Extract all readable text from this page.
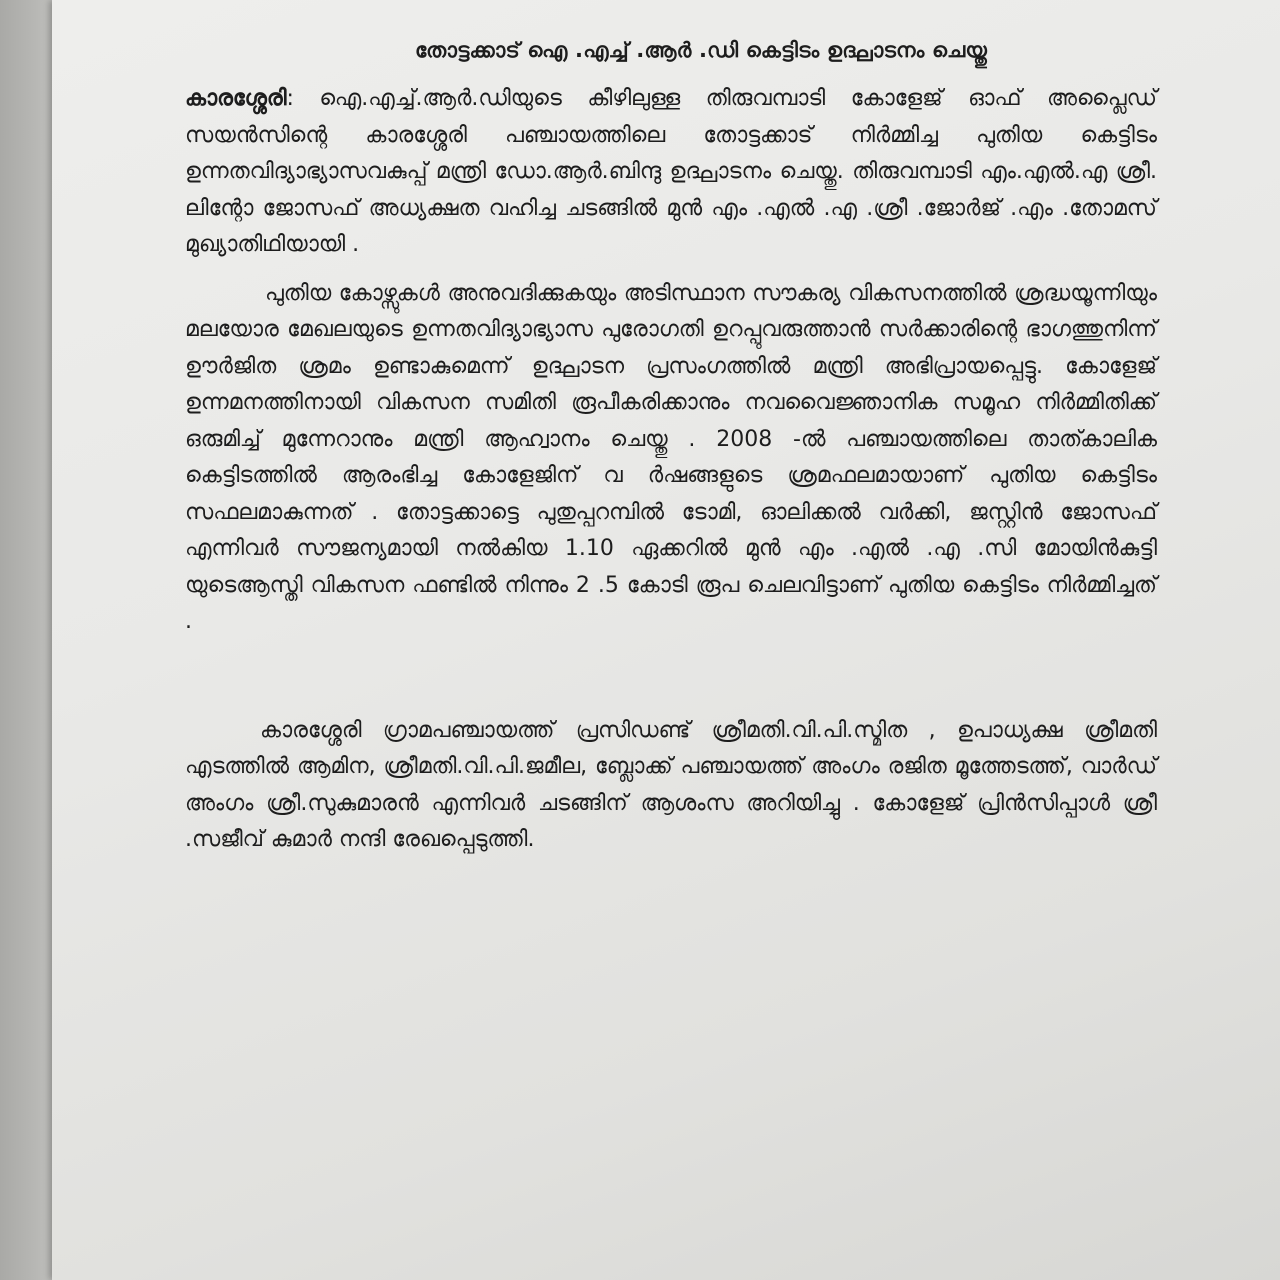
തോട്ടക്കാട് ഐ .എച്ച് .ആർ .ഡി കെട്ടിടം ഉദ്ഘാടനം ചെയ്തു

കാരശ്ശേരി: ഐ.എച്ച്.ആർ.ഡിയുടെ കീഴിലുള്ള തിരുവമ്പാടി കോളേജ് ഓഫ് അപ്ലൈഡ് സയൻസിന്റെ കാരശ്ശേരി പഞ്ചായത്തിലെ തോട്ടക്കാട് നിർമ്മിച്ച പുതിയ കെട്ടിടം ഉന്നതവിദ്യാഭ്യാസവകുപ്പ് മന്ത്രി ഡോ.ആർ.ബിന്ദു ഉദ്ഘാടനം ചെയ്തു. തിരുവമ്പാടി എം.എൽ.എ ശ്രീ. ലിന്റോ ജോസഫ് അധ്യക്ഷത വഹിച്ച ചടങ്ങിൽ മുൻ എം .എൽ .എ .ശ്രീ .ജോർജ് .എം .തോമസ് മുഖ്യാതിഥിയായി .

പുതിയ കോഴ്സുകൾ അനുവദിക്കുകയും അടിസ്ഥാന സൗകര്യ വികസനത്തിൽ ശ്രദ്ധയൂന്നിയും മലയോര മേഖലയുടെ ഉന്നതവിദ്യാഭ്യാസ പുരോഗതി ഉറപ്പുവരുത്താൻ സർക്കാരിന്റെ ഭാഗത്തുനിന്ന് ഊർജിത ശ്രമം ഉണ്ടാകുമെന്ന് ഉദ്ഘാടന പ്രസംഗത്തിൽ മന്ത്രി അഭിപ്രായപ്പെട്ടു. കോളേജ് ഉന്നമനത്തിനായി വികസന സമിതി രൂപീകരിക്കാനും നവവൈജ്ഞാനിക സമൂഹ നിർമ്മിതിക്ക് ഒരുമിച്ച് മുന്നേറാനും മന്ത്രി ആഹ്വാനം ചെയ്തു . 2008 -ൽ പഞ്ചായത്തിലെ താത്കാലിക കെട്ടിടത്തിൽ ആരംഭിച്ച കോളേജിന് വ ർഷങ്ങളുടെ ശ്രമഫലമായാണ് പുതിയ കെട്ടിടം സഫലമാകുന്നത് . തോട്ടക്കാട്ടെ പുതുപ്പറമ്പിൽ ടോമി, ഓലിക്കൽ വർക്കി, ജസ്റ്റിൻ ജോസഫ് എന്നിവർ സൗജന്യമായി നൽകിയ 1.10 ഏക്കറിൽ മുൻ എം .എൽ .എ .സി മോയിൻകുട്ടി യുടെആസ്തി വികസന ഫണ്ടിൽ നിന്നും 2 .5 കോടി രൂപ ചെലവിട്ടാണ് പുതിയ കെട്ടിടം നിർമ്മിച്ചത് .

കാരശ്ശേരി ഗ്രാമപഞ്ചായത്ത് പ്രസിഡണ്ട് ശ്രീമതി.വി.പി.സ്മിത , ഉപാധ്യക്ഷ ശ്രീമതി എടത്തിൽ ആമിന, ശ്രീമതി.വി.പി.ജമീല, ബ്ലോക്ക് പഞ്ചായത്ത് അംഗം രജിത മൂത്തേടത്ത്, വാർഡ് അംഗം ശ്രീ.സുകുമാരൻ എന്നിവർ ചടങ്ങിന് ആശംസ അറിയിച്ചു . കോളേജ് പ്രിൻസിപ്പാൾ ശ്രീ .സജീവ് കുമാർ നന്ദി രേഖപ്പെടുത്തി.
